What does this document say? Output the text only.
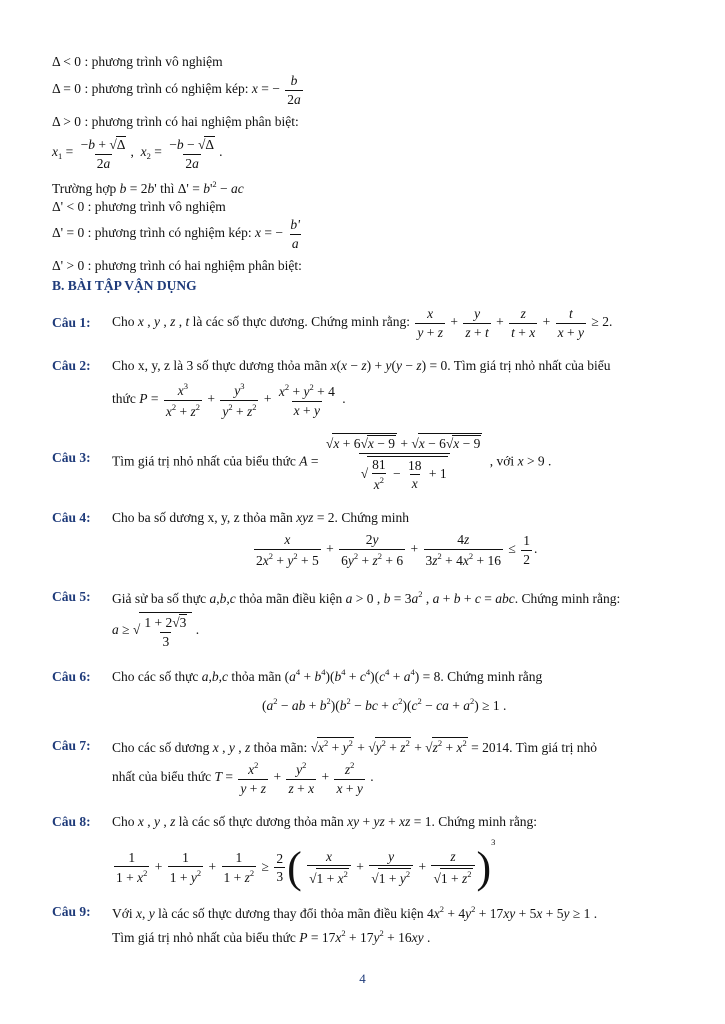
Δ < 0 : phương trình vô nghiệm
Δ = 0 : phương trình có nghiệm kép: x = − $\frac{b}{2a}$
Δ > 0 : phương trình có hai nghiệm phân biệt:
$x_1 = \frac{-b + √\Delta}{2a}$ ,  $x_2 = \frac{-b - √\Delta}{2a}$ .
Trường hợp b = 2b' thì $\Delta' = b'^2$ − ac
Δ' < 0 : phương trình vô nghiệm
Δ' = 0 : phương trình có nghiệm kép: x = − $\frac{b'}{a}$
Δ' > 0 : phương trình có hai nghiệm phân biệt:
B. BÀI TẬP VẬN DỤNG
Câu 1: Cho x , y , z , t là các số thực dương. Chứng minh rằng: $\frac{x}{y + z} + \frac{y}{z + t} + \frac{z}{t + x} + \frac{t}{x + y} \ge 2$.
Câu 2: Cho x, y, z là 3 số thực dương thỏa mãn x(x − z) + y(y − z) = 0. Tìm giá trị nhỏ nhất của biểu
thức $P = \frac{x^3}{x^2 + z^2} + \frac{y^3}{y^2 + z^2} + \frac{x^2 + y^2 + 4}{x + y}$ .
Câu 3: Tìm giá trị nhỏ nhất của biểu thức $A = \frac{√x + 6√x - 9 + √x - 6√x - 9}{√ \frac{81}{x^2} - \frac{18}{x} + 1}$ , với x > 9 .
Câu 4: Cho ba số dương x, y, z thỏa mãn xyz = 2. Chứng minh
$\frac{x}{2x^2 + y^2 + 5} + \frac{2y}{6y^2 + z^2 + 6} + \frac{4z}{3z^2 + 4x^2 + 16} \le \frac{1}{2}$ .
Câu 5: Giả sử ba số thực a,b,c thỏa mãn điều kiện a > 0 , $b = 3a^2$ , a + b + c = abc. Chứng minh rằng:
a ≥ √ $\frac{1 + 2√3}{3}$ .
Câu 6: Cho các số thực a,b,c thỏa mãn $(a^4 + b^4)(b^4 + c^4)(c^4 + a^4) = 8$. Chứng minh rằng
($a^2$ − ab + $b^2)(b^2$ − bc + $c^2)(c^2$ − ca + $a^2) \ge 1$ .
Câu 7: Cho các số dương x , y , z thỏa mãn: $√x^2 + y^2 + √y^2 + z^2 + √z^2 + x^2 = 2014$. Tìm giá trị nhỏ
nhất của biểu thức $T = \frac{x^2}{y + z} + \frac{y^2}{z + x} + \frac{z^2}{x + y}$ .
Câu 8: Cho x , y , z là các số thực dương thỏa mãn xy + yz + xz = 1. Chứng minh rằng:
$\frac{1}{1 + x^2} + \frac{1}{1 + y^2} + \frac{1}{1 + z^2} \ge \frac{2}{3}$ ( $\frac{x}{√1 + x^2} + \frac{y}{√1 + y^2} + \frac{z}{√1 + z^2} )^3$
Câu 9: Với x, y là các số thực dương thay đổi thỏa mãn điều kiện $4x^2 + 4y^2 + 17xy + 5x + 5y \ge 1$ .
Tìm giá trị nhỏ nhất của biểu thức $P = 17x^2 + 17y^2 + 16xy$ .
4
